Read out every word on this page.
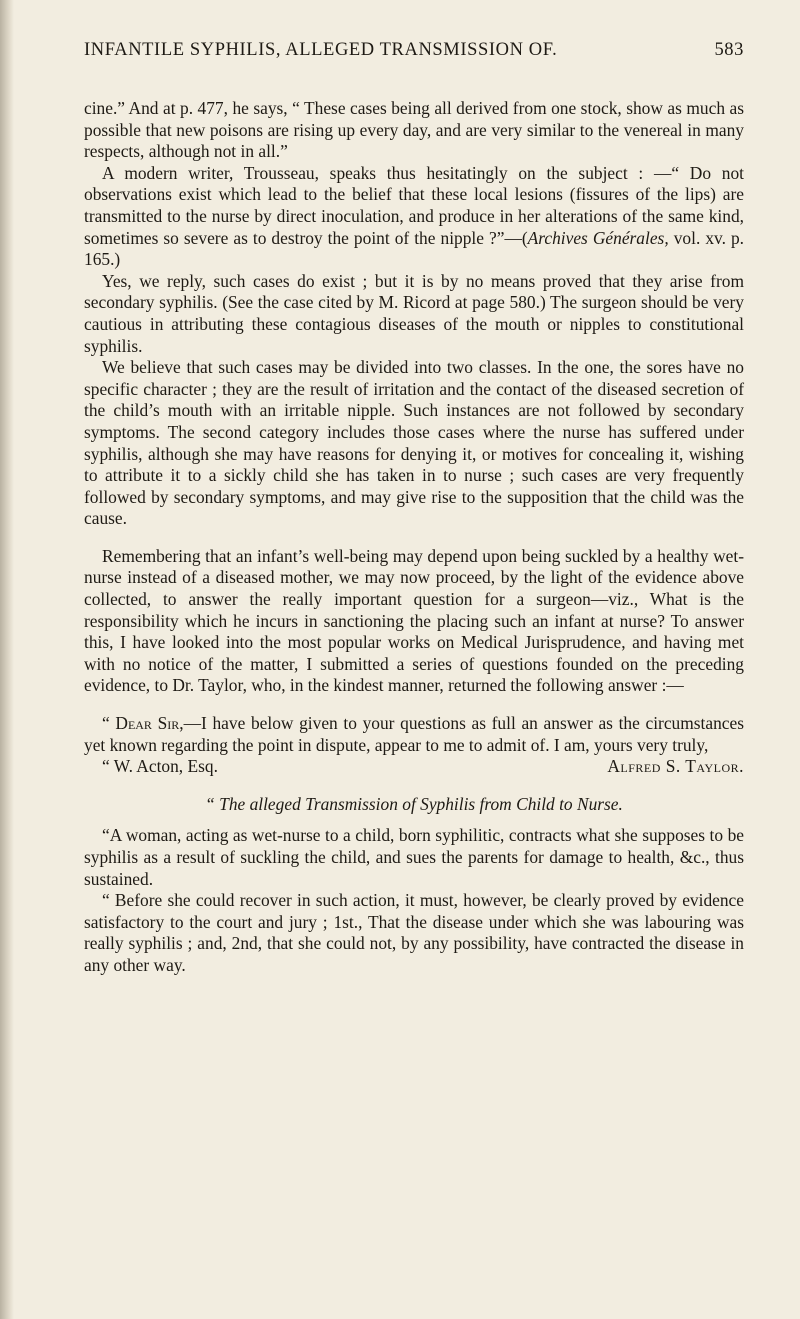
INFANTILE SYPHILIS, ALLEGED TRANSMISSION OF.	583

cine.” And at p. 477, he says, “ These cases being all derived from one stock, show as much as possible that new poisons are rising up every day, and are very similar to the venereal in many respects, although not in all.”

A modern writer, Trousseau, speaks thus hesitatingly on the subject : —“ Do not observations exist which lead to the belief that these local lesions (fissures of the lips) are transmitted to the nurse by direct inoculation, and produce in her alterations of the same kind, sometimes so severe as to destroy the point of the nipple ?”—(Archives Générales, vol. xv. p. 165.)

Yes, we reply, such cases do exist ; but it is by no means proved that they arise from secondary syphilis. (See the case cited by M. Ricord at page 580.) The surgeon should be very cautious in attributing these contagious diseases of the mouth or nipples to constitutional syphilis.

We believe that such cases may be divided into two classes. In the one, the sores have no specific character ; they are the result of irritation and the contact of the diseased secretion of the child’s mouth with an irritable nipple. Such instances are not followed by secondary symptoms. The second category includes those cases where the nurse has suffered under syphilis, although she may have reasons for denying it, or motives for concealing it, wishing to attribute it to a sickly child she has taken in to nurse ; such cases are very frequently followed by secondary symptoms, and may give rise to the supposition that the child was the cause.

Remembering that an infant’s well-being may depend upon being suckled by a healthy wet-nurse instead of a diseased mother, we may now proceed, by the light of the evidence above collected, to answer the really important question for a surgeon—viz., What is the responsibility which he incurs in sanctioning the placing such an infant at nurse? To answer this, I have looked into the most popular works on Medical Jurisprudence, and having met with no notice of the matter, I submitted a series of questions founded on the preceding evidence, to Dr. Taylor, who, in the kindest manner, returned the following answer :—

“ Dear Sir,—I have below given to your questions as full an answer as the circumstances yet known regarding the point in dispute, appear to me to admit of. I am, yours very truly,

“ W. Acton, Esq.	Alfred S. Taylor.

“ The alleged Transmission of Syphilis from Child to Nurse.

“A woman, acting as wet-nurse to a child, born syphilitic, contracts what she supposes to be syphilis as a result of suckling the child, and sues the parents for damage to health, &c., thus sustained.

“ Before she could recover in such action, it must, however, be clearly proved by evidence satisfactory to the court and jury ; 1st., That the disease under which she was labouring was really syphilis ; and, 2nd, that she could not, by any possibility, have contracted the disease in any other way.
